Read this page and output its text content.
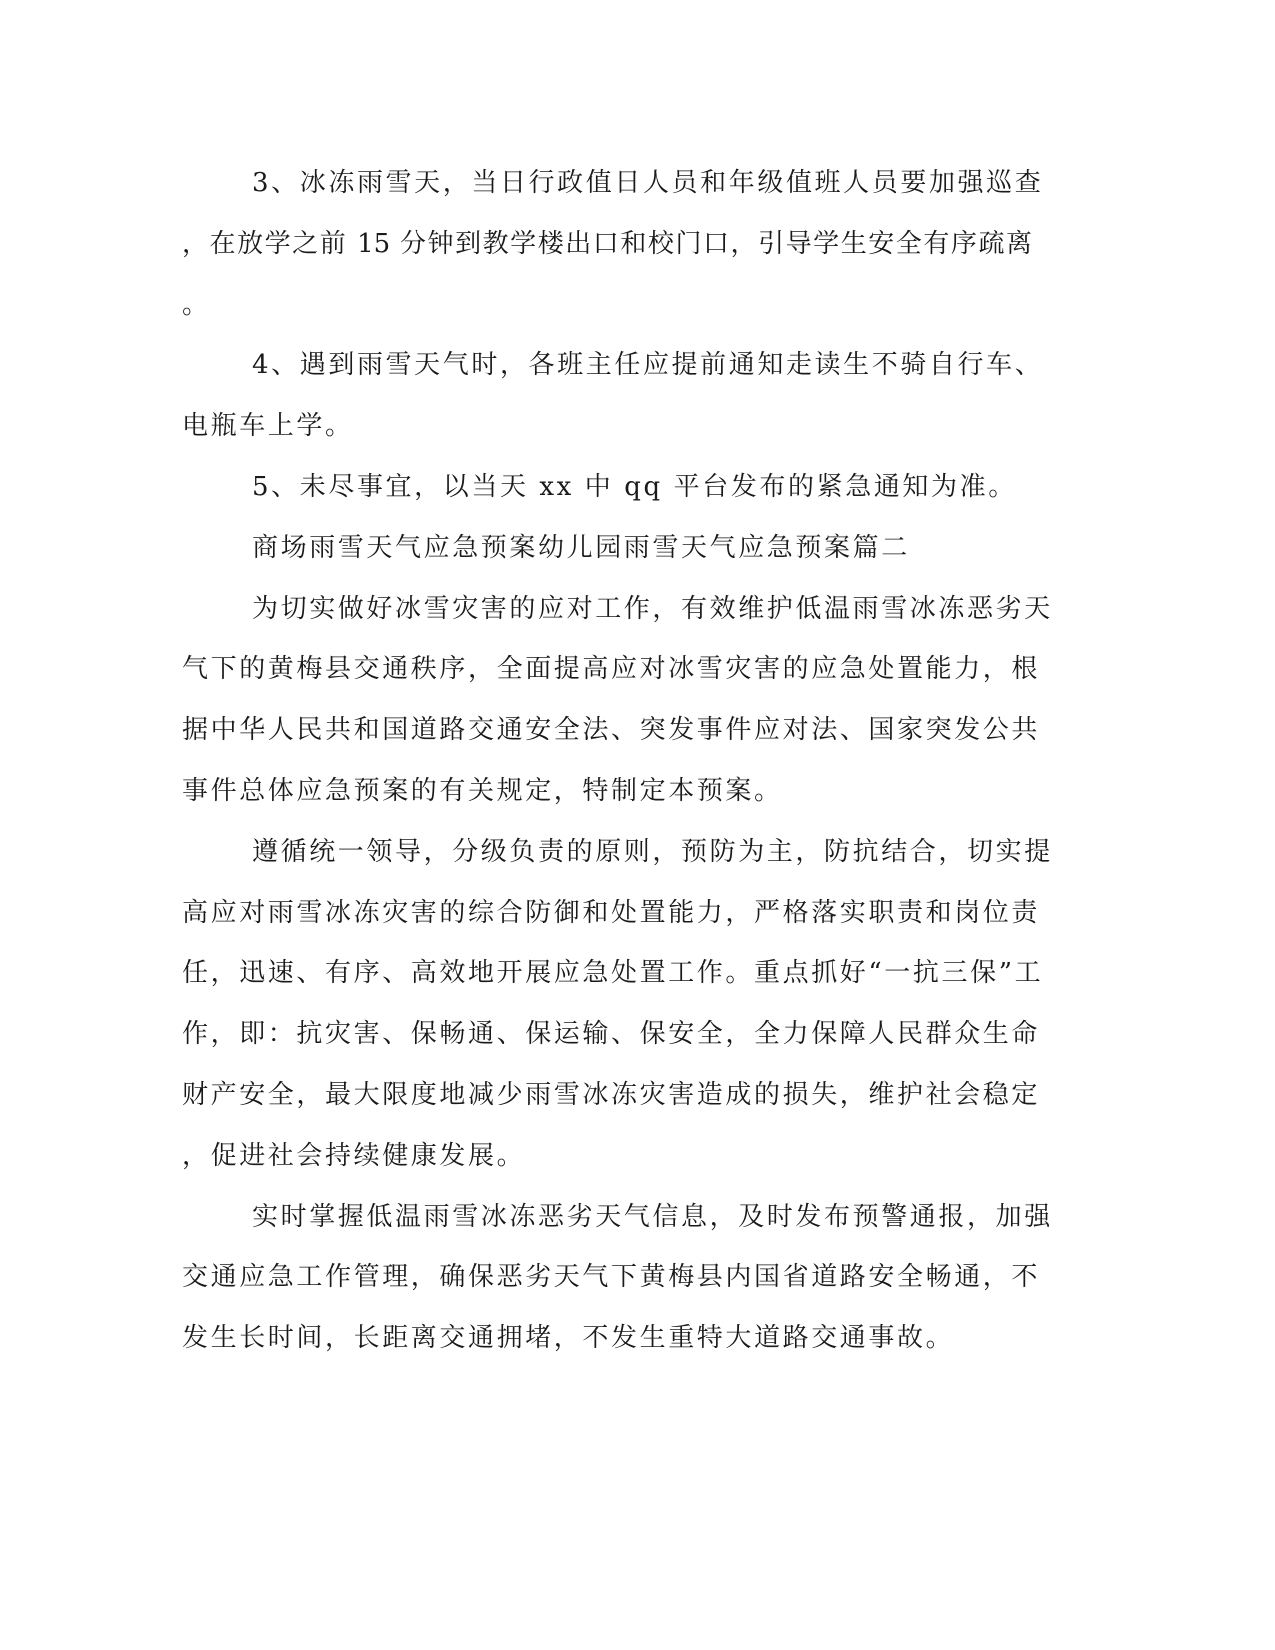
3、冰冻雨雪天，当日行政值日人员和年级值班人员要加强巡查
，在放学之前 15 分钟到教学楼出口和校门口，引导学生安全有序疏离
。
4、遇到雨雪天气时，各班主任应提前通知走读生不骑自行车、
电瓶车上学。
5、未尽事宜，以当天 xx 中 qq 平台发布的紧急通知为准。
商场雨雪天气应急预案幼儿园雨雪天气应急预案篇二
为切实做好冰雪灾害的应对工作，有效维护低温雨雪冰冻恶劣天
气下的黄梅县交通秩序，全面提高应对冰雪灾害的应急处置能力，根
据中华人民共和国道路交通安全法、突发事件应对法、国家突发公共
事件总体应急预案的有关规定，特制定本预案。
遵循统一领导，分级负责的原则，预防为主，防抗结合，切实提
高应对雨雪冰冻灾害的综合防御和处置能力，严格落实职责和岗位责
任，迅速、有序、高效地开展应急处置工作。重点抓好“一抗三保”工
作，即：抗灾害、保畅通、保运输、保安全，全力保障人民群众生命
财产安全，最大限度地减少雨雪冰冻灾害造成的损失，维护社会稳定
，促进社会持续健康发展。
实时掌握低温雨雪冰冻恶劣天气信息，及时发布预警通报，加强
交通应急工作管理，确保恶劣天气下黄梅县内国省道路安全畅通，不
发生长时间，长距离交通拥堵，不发生重特大道路交通事故。
